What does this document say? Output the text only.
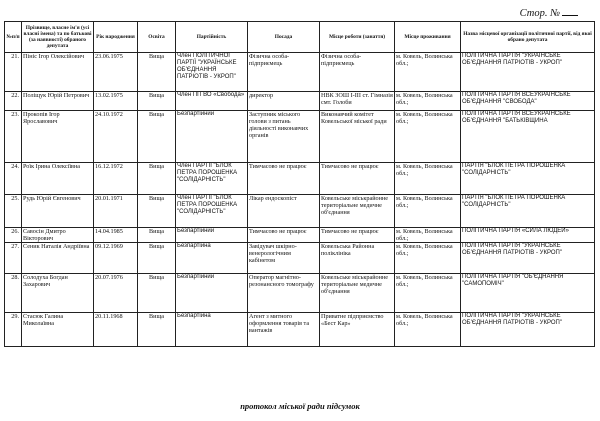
Стор. №
№п/п	Прізвище, власне ім'я (усі власні імена) та по батькові (за наявності) обраного депутата	Рік народження	Освіта	Партійність	Посада	Місце роботи (занаття)	Місце проживання	Назва місцевої організації політичної партії, від якої обрано депутата
21.	Пініс Ігор Олексійович	23.06.1975	Вища	Член ПОЛІТИЧНОЇ ПАРТІЇ "УКРАЇНСЬКЕ ОБ'ЄДНАННЯ ПАТРІОТІВ - УКРОП"	Фізична особа-підприємець	Фізична особа-підприємець	м. Ковель, Волинська обл.;	ПОЛІТИЧНА ПАРТІЯ "УКРАЇНСЬКЕ ОБ'ЄДНАННЯ ПАТРІОТІВ - УКРОП"
22.	Поліщук Юрій Петрович	13.02.1975	Вища	Член ПП ВО «Свобода»	директор	НВК ЗОШ І-ІІІ ст. Гімназія смт. Голоби	м. Ковель, Волинська обл.;	ПОЛІТИЧНА ПАРТІЯ ВСЕУКРАЇНСЬКЕ ОБ'ЄДНАННЯ "СВОБОДА"
23.	Прокопів Ігор Ярославович	24.10.1972	Вища	Безпартійний	Заступник міського голови з питань діяльності виконавчих органів	Виконавчий комітет Ковельської міської ради	м. Ковель, Волинська обл.;	ПОЛІТИЧНА ПАРТІЯ ВСЕУКРАЇНСЬКЕ ОБ'ЄДНАННЯ "БАТЬКІВЩИНА
24.	Роїк Ірина Олексіївна	16.12.1972	Вища	Член ПАРТІЇ "БЛОК ПЕТРА ПОРОШЕНКА "СОЛІДАРНІСТЬ"	Тимчасово не працює	Тимчасово не працює	м. Ковель, Волинська обл.;	ПАРТІЯ "БЛОК ПЕТРА ПОРОШЕНКА "СОЛІДАРНІСТЬ"
25.	Рудь Юрій Євгенович	20.01.1971	Вища	Член ПАРТІЇ "БЛОК ПЕТРА ПОРОШЕНКА "СОЛІДАРНІСТЬ"	Лікар ендоскопіст	Ковельське міськрайонне територіальне медичне об'єднання	м. Ковель, Волинська обл.;	ПАРТІЯ "БЛОК ПЕТРА ПОРОШЕНКА "СОЛІДАРНІСТЬ"
26.	Савосін Дмитро Вікторович	14.04.1985	Вища	Безпартійний	Тимчасово не працює	Тимчасово не працює	м. Ковель, Волинська обл.;	ПОЛІТИЧНА ПАРТІЯ «СИЛА ЛЮДЕЙ»
27.	Сеник Наталія Андріївна	09.12.1969	Вища	Безпартійна	Завідувач шкірно-венерологічним кабінетом	Ковельська Районна поліклініка	м. Ковель, Волинська обл.;	ПОЛІТИЧНА ПАРТІЯ "УКРАЇНСЬКЕ ОБ'ЄДНАННЯ ПАТРІОТІВ - УКРОП"
28.	Солодуха Богдан Захарович	20.07.1976	Вища	Безпартійний	Оператор магнітно-резонансного томографу	Ковельське міськрайонне територіальне медичне об'єднання	м. Ковель, Волинська обл.;	ПОЛІТИЧНА ПАРТІЯ "ОБ'ЄДНАННЯ "САМОПОМІЧ"
29.	Стасюк Галина Миколаївна	20.11.1968	Вища	Безпартійна	Агент з митного оформлення товарів та вантажів	Приватне підприємство «Бест Кар»	м. Ковель, Волинська обл.;	ПОЛІТИЧНА ПАРТІЯ "УКРАЇНСЬКЕ ОБ'ЄДНАННЯ ПАТРІОТІВ - УКРОП"
протокол міської ради підсумок
